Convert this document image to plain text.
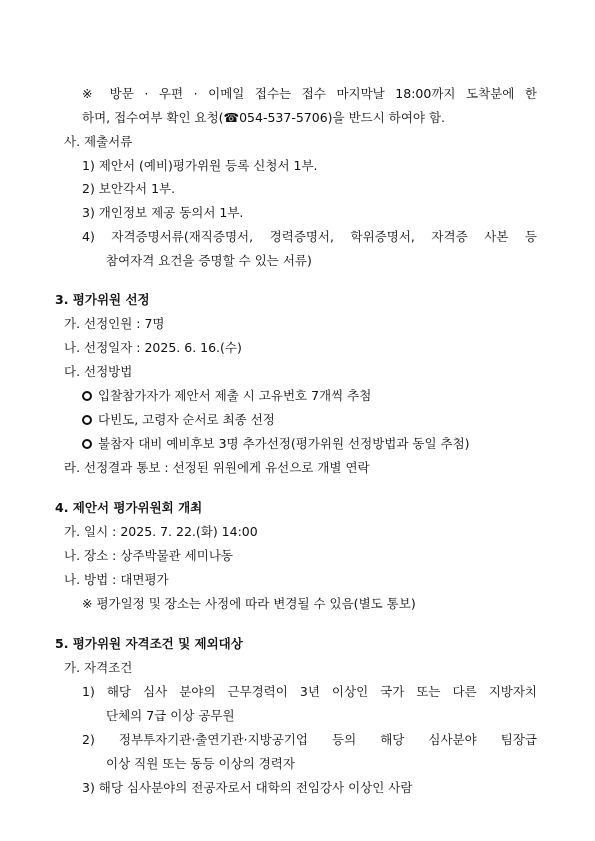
※ 방문 · 우편 · 이메일 접수는 접수 마지막날 18:00까지 도착분에 한
하며, 접수여부 확인 요청(☎054-537-5706)을 반드시 하여야 함.
사. 제출서류
1) 제안서 (예비)평가위원 등록 신청서 1부.
2) 보안각서 1부.
3) 개인정보 제공 동의서 1부.
4) 자격증명서류(재직증명서, 경력증명서, 학위증명서, 자격증 사본 등
참여자격 요건을 증명할 수 있는 서류)
3. 평가위원 선정
가. 선정인원 : 7명
나. 선정일자 : 2025. 6. 16.(수)
다. 선정방법
입찰참가자가 제안서 제출 시 고유번호 7개씩 추첨
다빈도, 고령자 순서로 최종 선정
불참자 대비 예비후보 3명 추가선정(평가위원 선정방법과 동일 추첨)
라. 선정결과 통보 : 선정된 위원에게 유선으로 개별 연락
4. 제안서 평가위원회 개최
가. 일시 : 2025. 7. 22.(화) 14:00
나. 장소 : 상주박물관 세미나동
나. 방법 : 대면평가
※ 평가일정 및 장소는 사정에 따라 변경될 수 있음(별도 통보)
5. 평가위원 자격조건 및 제외대상
가. 자격조건
1) 해당 심사 분야의 근무경력이 3년 이상인 국가 또는 다른 지방자치
단체의 7급 이상 공무원
2) 정부투자기관·출연기관·지방공기업 등의 해당 심사분야 팀장급
이상 직원 또는 동등 이상의 경력자
3) 해당 심사분야의 전공자로서 대학의 전임강사 이상인 사람
